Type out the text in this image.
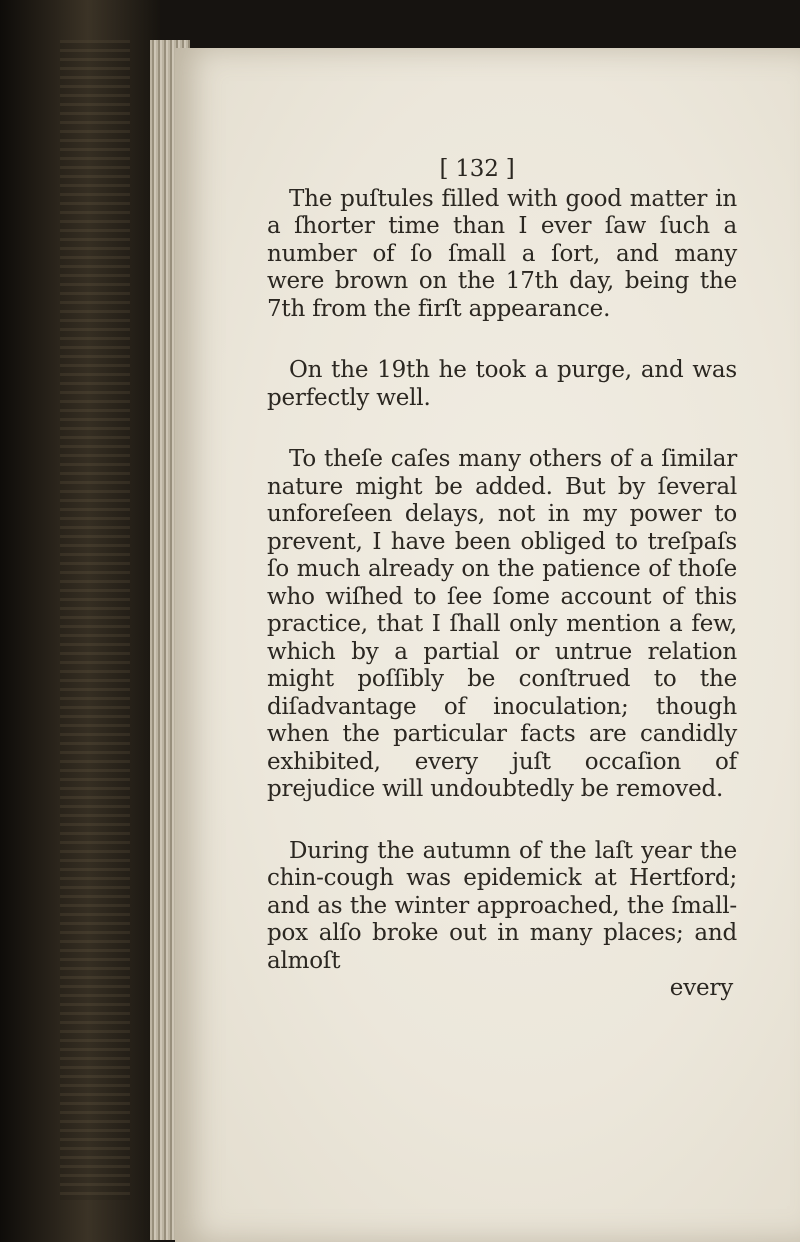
[ 132 ]

The puſtules filled with good matter in a ſhorter time than I ever ſaw ſuch a number of ſo ſmall a ſort, and many were brown on the 17th day, being the 7th from the firſt appearance.

On the 19th he took a purge, and was perfectly well.

To theſe caſes many others of a ſimilar nature might be added. But by ſeveral unforeſeen delays, not in my power to prevent, I have been obliged to treſpaſs ſo much already on the patience of thoſe who wiſhed to ſee ſome account of this practice, that I ſhall only mention a few, which by a partial or untrue relation might poſſibly be conſtrued to the diſadvantage of inoculation; though when the particular facts are candidly exhibited, every juſt occaſion of prejudice will undoubtedly be removed.

During the autumn of the laſt year the chin-cough was epidemick at Hertford; and as the winter approached, the ſmall-pox alſo broke out in many places; and almoſt

every
